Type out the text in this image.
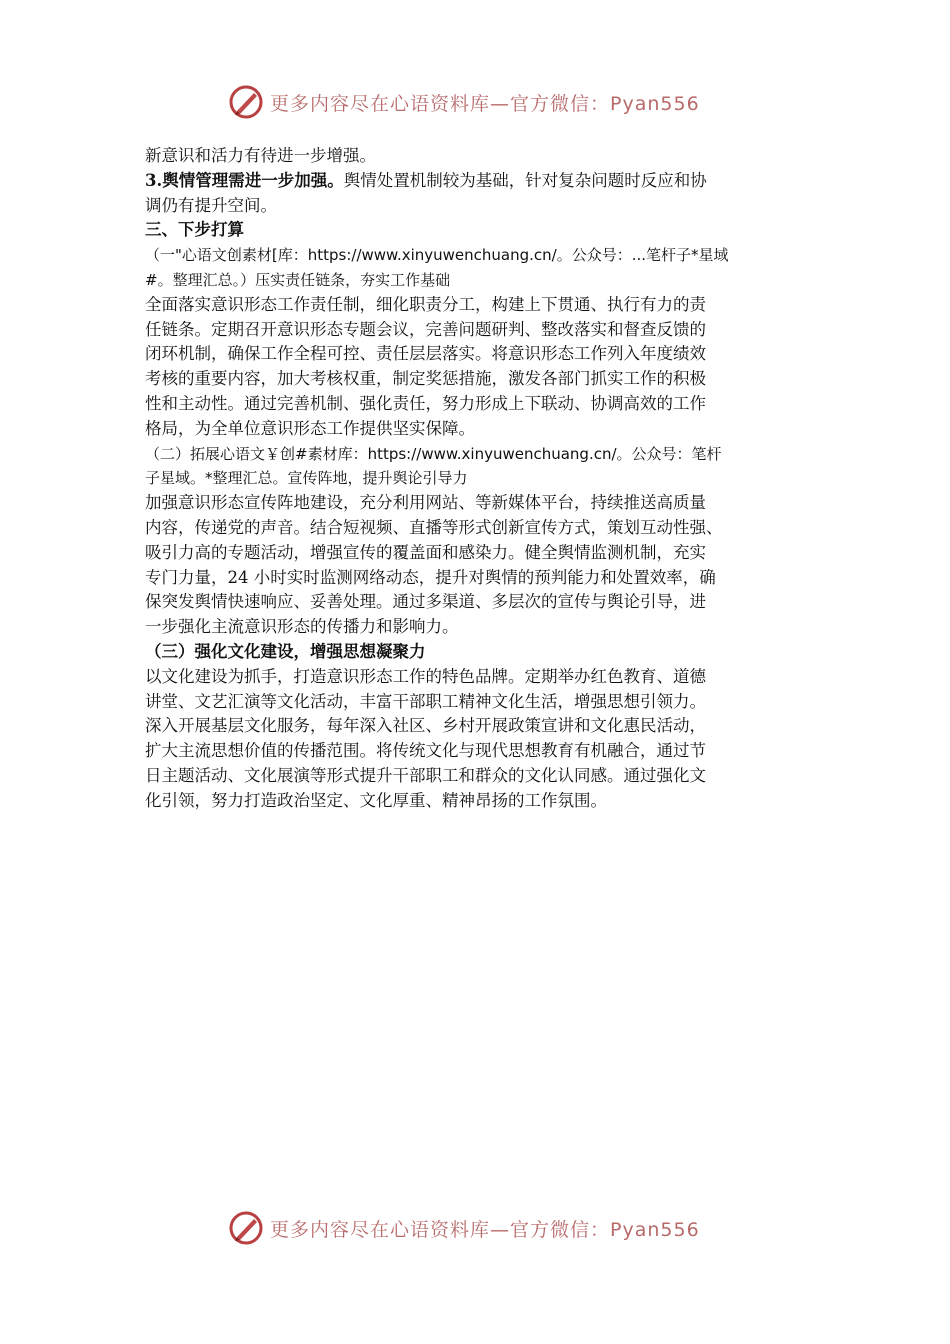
更多内容尽在心语资料库—官方微信：Pyan556
新意识和活力有待进一步增强。
3.舆情管理需进一步加强。舆情处置机制较为基础，针对复杂问题时反应和协
调仍有提升空间。
三、下步打算
（一"心语文创素材[库：https://www.xinyuwenchuang.cn/。公众号：...笔杆子*星域
#。整理汇总。）压实责任链条，夯实工作基础
全面落实意识形态工作责任制，细化职责分工，构建上下贯通、执行有力的责
任链条。定期召开意识形态专题会议，完善问题研判、整改落实和督查反馈的
闭环机制，确保工作全程可控、责任层层落实。将意识形态工作列入年度绩效
考核的重要内容，加大考核权重，制定奖惩措施，激发各部门抓实工作的积极
性和主动性。通过完善机制、强化责任，努力形成上下联动、协调高效的工作
格局，为全单位意识形态工作提供坚实保障。
（二）拓展心语文￥创#素材库：https://www.xinyuwenchuang.cn/。公众号：笔杆
子星域。*整理汇总。宣传阵地，提升舆论引导力
加强意识形态宣传阵地建设，充分利用网站、等新媒体平台，持续推送高质量
内容，传递党的声音。结合短视频、直播等形式创新宣传方式，策划互动性强、
吸引力高的专题活动，增强宣传的覆盖面和感染力。健全舆情监测机制，充实
专门力量，24 小时实时监测网络动态，提升对舆情的预判能力和处置效率，确
保突发舆情快速响应、妥善处理。通过多渠道、多层次的宣传与舆论引导，进
一步强化主流意识形态的传播力和影响力。
（三）强化文化建设，增强思想凝聚力
以文化建设为抓手，打造意识形态工作的特色品牌。定期举办红色教育、道德
讲堂、文艺汇演等文化活动，丰富干部职工精神文化生活，增强思想引领力。
深入开展基层文化服务，每年深入社区、乡村开展政策宣讲和文化惠民活动，
扩大主流思想价值的传播范围。将传统文化与现代思想教育有机融合，通过节
日主题活动、文化展演等形式提升干部职工和群众的文化认同感。通过强化文
化引领，努力打造政治坚定、文化厚重、精神昂扬的工作氛围。
更多内容尽在心语资料库—官方微信：Pyan556
